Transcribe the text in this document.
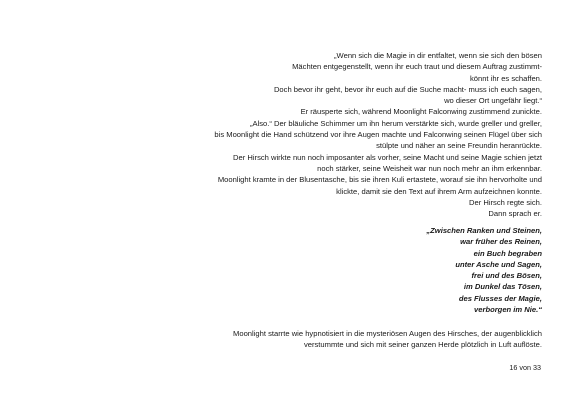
„Wenn sich die Magie in dir entfaltet, wenn sie sich den bösen
Mächten entgegenstellt, wenn ihr euch traut und diesem Auftrag zustimmt-
könnt ihr es schaffen.
Doch bevor ihr geht, bevor ihr euch auf die Suche macht- muss ich euch sagen,
wo dieser Ort ungefähr liegt.“
Er räusperte sich, während Moonlight Falconwing zustimmend zunickte.
„Also.“ Der bläuliche Schimmer um ihn herum verstärkte sich, wurde greller und greller,
bis Moonlight die Hand schützend vor ihre Augen machte und Falconwing seinen Flügel über sich
stülpte und näher an seine Freundin heranrückte.
Der Hirsch wirkte nun noch imposanter als vorher, seine Macht und seine Magie schien jetzt
noch stärker, seine Weisheit war nun noch mehr an ihm erkennbar.
Moonlight kramte in der Blusentasche, bis sie ihren Kuli ertastete, worauf sie ihn hervorholte und
klickte, damit sie den Text auf ihrem Arm aufzeichnen konnte.
Der Hirsch regte sich.
Dann sprach er.
„Zwischen Ranken und Steinen,
war früher des Reinen,
ein Buch begraben
unter Asche und Sagen,
frei und des Bösen,
im Dunkel das Tösen,
des Flusses der Magie,
verborgen im Nie.“
Moonlight starrte wie hypnotisiert in die mysteriösen Augen des Hirsches, der augenblicklich
verstummte und sich mit seiner ganzen Herde plötzlich in Luft auflöste.
16 von 33
